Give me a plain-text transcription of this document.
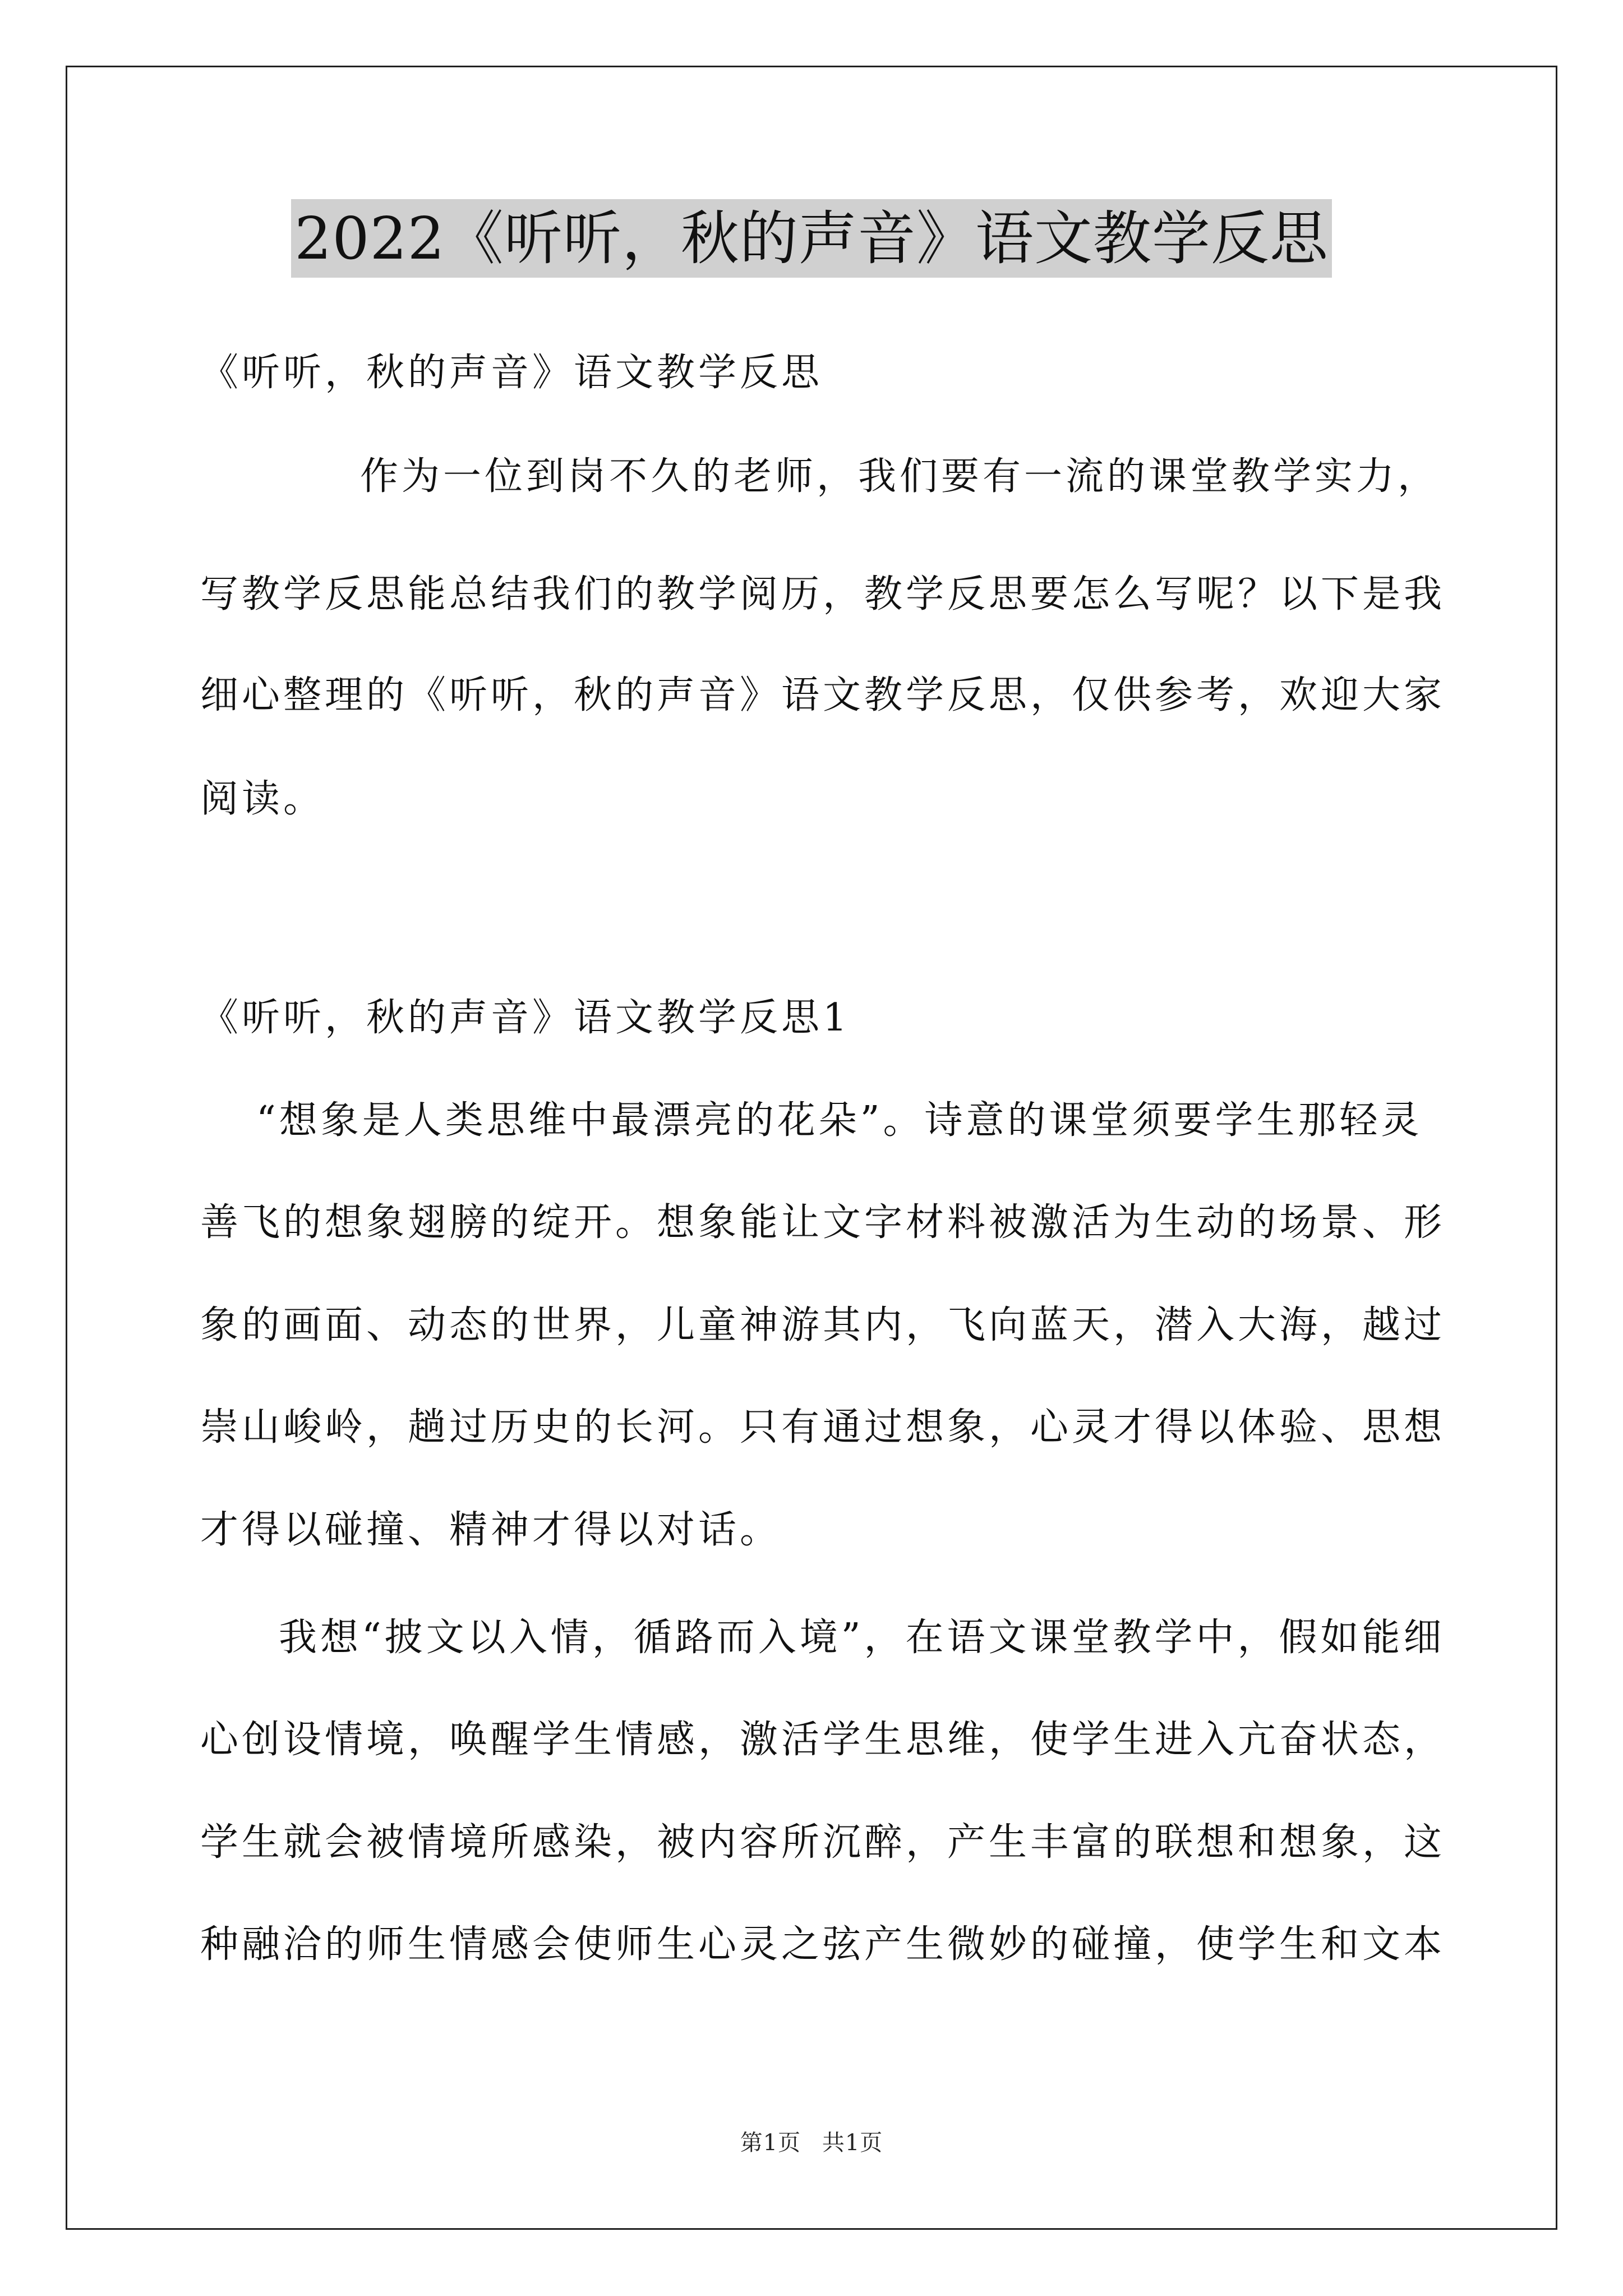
2022《听听，秋的声音》语文教学反思
《听听，秋的声音》语文教学反思
作为一位到岗不久的老师，我们要有一流的课堂教学实力，
写教学反思能总结我们的教学阅历，教学反思要怎么写呢？以下是我
细心整理的《听听，秋的声音》语文教学反思，仅供参考，欢迎大家
阅读。
《听听，秋的声音》语文教学反思1
“想象是人类思维中最漂亮的花朵”。诗意的课堂须要学生那轻灵
善飞的想象翅膀的绽开。想象能让文字材料被激活为生动的场景、形
象的画面、动态的世界，儿童神游其内，飞向蓝天，潜入大海，越过
崇山峻岭，趟过历史的长河。只有通过想象，心灵才得以体验、思想
才得以碰撞、精神才得以对话。
我想“披文以入情，循路而入境”，在语文课堂教学中，假如能细
心创设情境，唤醒学生情感，激活学生思维，使学生进入亢奋状态，
学生就会被情境所感染，被内容所沉醉，产生丰富的联想和想象，这
种融洽的师生情感会使师生心灵之弦产生微妙的碰撞，使学生和文本
第1页 共1页
